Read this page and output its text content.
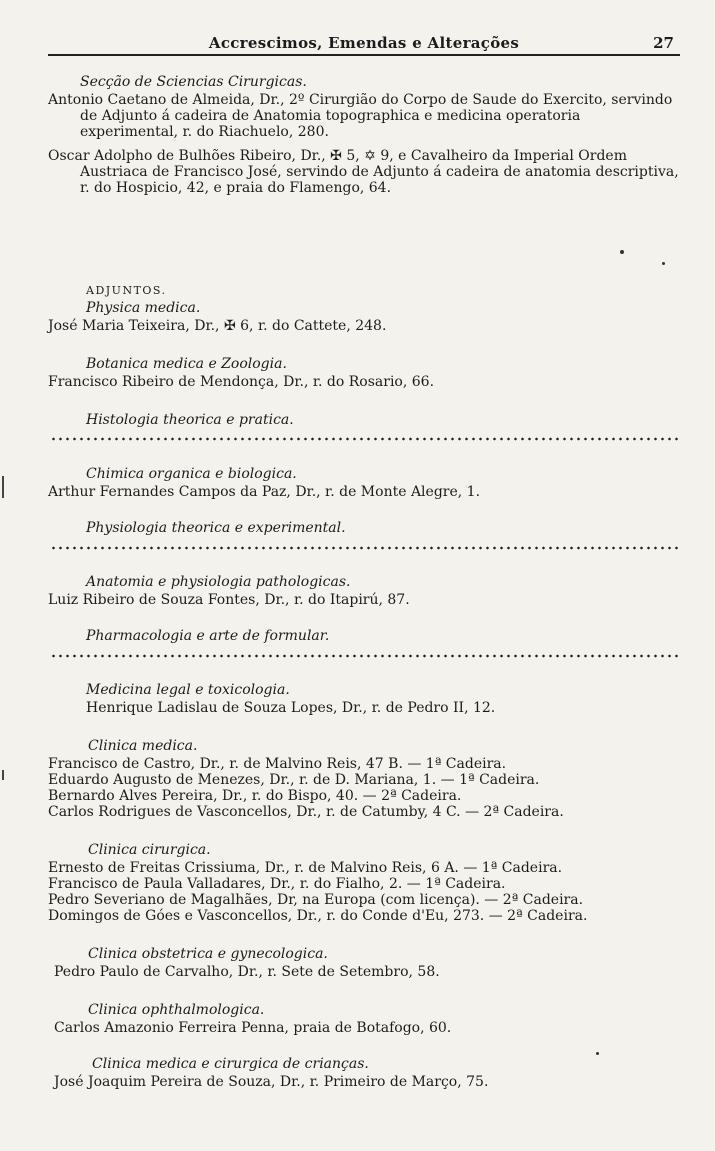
Accrescimos, Emendas e Alterações	27
Secção de Sciencias Cirurgicas.
Antonio Caetano de Almeida, Dr., 2º Cirurgião do Corpo de Saude do Exercito, servindo de Adjunto á cadeira de Anatomia topographica e medicina operatoria experimental, r. do Riachuelo, 280.
Oscar Adolpho de Bulhões Ribeiro, Dr., ✠ 5, ✡ 9, e Cavalheiro da Imperial Ordem Austriaca de Francisco José, servindo de Adjunto á cadeira de anatomia descriptiva, r. do Hospicio, 42, e praia do Flamengo, 64.
ADJUNTOS.
Physica medica.
José Maria Teixeira, Dr., ✠ 6, r. do Cattete, 248.
Botanica medica e Zoologia.
Francisco Ribeiro de Mendonça, Dr., r. do Rosario, 66.
Histologia theorica e pratica.
Chimica organica e biologica.
Arthur Fernandes Campos da Paz, Dr., r. de Monte Alegre, 1.
Physiologia theorica e experimental.
Anatomia e physiologia pathologicas.
Luiz Ribeiro de Souza Fontes, Dr., r. do Itapirú, 87.
Pharmacologia e arte de formular.
Medicina legal e toxicologia.
Henrique Ladislau de Souza Lopes, Dr., r. de Pedro II, 12.
Clinica medica.
Francisco de Castro, Dr., r. de Malvino Reis, 47 B. — 1ª Cadeira.
Eduardo Augusto de Menezes, Dr., r. de D. Mariana, 1. — 1ª Cadeira.
Bernardo Alves Pereira, Dr., r. do Bispo, 40. — 2ª Cadeira.
Carlos Rodrigues de Vasconcellos, Dr., r. de Catumby, 4 C. — 2ª Cadeira.
Clinica cirurgica.
Ernesto de Freitas Crissiuma, Dr., r. de Malvino Reis, 6 A. — 1ª Cadeira.
Francisco de Paula Valladares, Dr., r. do Fialho, 2. — 1ª Cadeira.
Pedro Severiano de Magalhães, Dr, na Europa (com licença). — 2ª Cadeira.
Domingos de Góes e Vasconcellos, Dr., r. do Conde d'Eu, 273. — 2ª Cadeira.
Clinica obstetrica e gynecologica.
Pedro Paulo de Carvalho, Dr., r. Sete de Setembro, 58.
Clinica ophthalmologica.
Carlos Amazonio Ferreira Penna, praia de Botafogo, 60.
Clinica medica e cirurgica de crianças.
José Joaquim Pereira de Souza, Dr., r. Primeiro de Março, 75.
